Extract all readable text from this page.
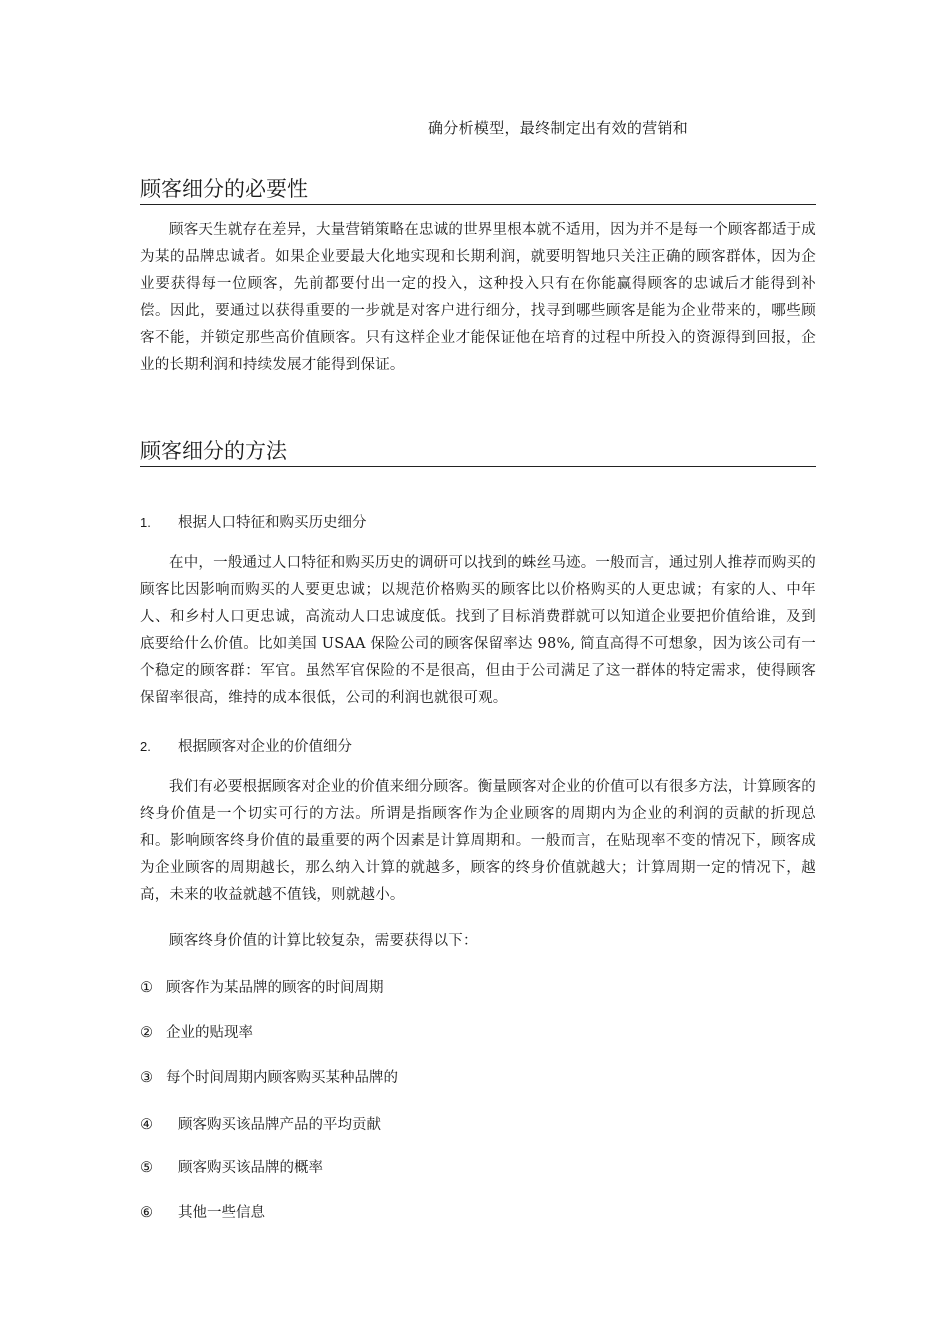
确分析模型，最终制定出有效的营销和
顾客细分的必要性

顾客天生就存在差异，大量营销策略在忠诚的世界里根本就不适用，因为并不是每一个顾客都适于成为某的品牌忠诚者。如果企业要最大化地实现和长期利润，就要明智地只关注正确的顾客群体，因为企业要获得每一位顾客，先前都要付出一定的投入，这种投入只有在你能赢得顾客的忠诚后才能得到补偿。因此，要通过以获得重要的一步就是对客户进行细分，找寻到哪些顾客是能为企业带来的，哪些顾客不能，并锁定那些高价值顾客。只有这样企业才能保证他在培育的过程中所投入的资源得到回报，企业的长期利润和持续发展才能得到保证。

顾客细分的方法
1. 根据人口特征和购买历史细分

在中，一般通过人口特征和购买历史的调研可以找到的蛛丝马迹。一般而言，通过别人推荐而购买的顾客比因影响而购买的人要更忠诚；以规范价格购买的顾客比以价格购买的人更忠诚；有家的人、中年人、和乡村人口更忠诚，高流动人口忠诚度低。找到了目标消费群就可以知道企业要把价值给谁，及到底要给什么价值。比如美国 USAA 保险公司的顾客保留率达 98%, 简直高得不可想象，因为该公司有一个稳定的顾客群：军官。虽然军官保险的不是很高，但由于公司满足了这一群体的特定需求，使得顾客保留率很高，维持的成本很低，公司的利润也就很可观。

2. 根据顾客对企业的价值细分

我们有必要根据顾客对企业的价值来细分顾客。衡量顾客对企业的价值可以有很多方法，计算顾客的终身价值是一个切实可行的方法。所谓是指顾客作为企业顾客的周期内为企业的利润的贡献的折现总和。影响顾客终身价值的最重要的两个因素是计算周期和。一般而言，在贴现率不变的情况下，顾客成为企业顾客的周期越长，那么纳入计算的就越多，顾客的终身价值就越大；计算周期一定的情况下，越高，未来的收益就越不值钱，则就越小。

顾客终身价值的计算比较复杂，需要获得以下：

① 顾客作为某品牌的顾客的时间周期
② 企业的贴现率
③ 每个时间周期内顾客购买某种品牌的
④ 顾客购买该品牌产品的平均贡献
⑤ 顾客购买该品牌的概率
⑥ 其他一些信息
